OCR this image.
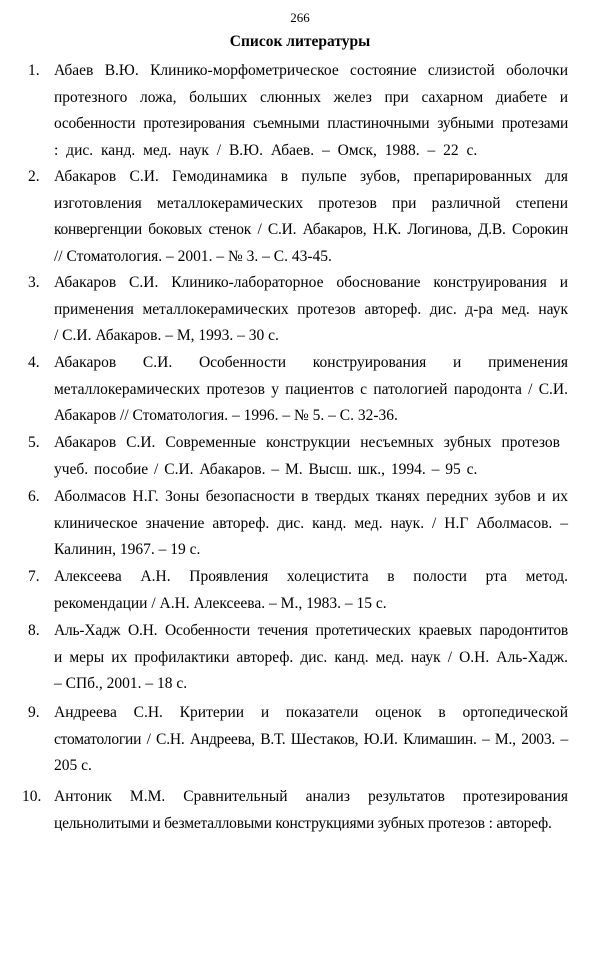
266
Список литературы
1. Абаев В.Ю. Клинико-морфометрическое состояние слизистой оболочки
протезного ложа, больших слюнных желез при сахарном диабете и
особенности протезирования съемными пластиночными зубными протезами
: дис. канд. мед. наук / В.Ю. Абаев. – Омск, 1988. – 22 с.
2. Абакаров С.И. Гемодинамика в пульпе зубов, препарированных для
изготовления металлокерамических протезов при различной степени
конвергенции боковых стенок / С.И. Абакаров, Н.К. Логинова, Д.В. Сорокин
// Стоматология. – 2001. – № 3. – С. 43-45.
3. Абакаров С.И. Клинико-лабораторное обоснование конструирования и
применения металлокерамических протезов автореф. дис. д-ра мед. наук
/ С.И. Абакаров. – М, 1993. – 30 с.
4. Абакаров С.И. Особенности конструирования и применения
металлокерамических протезов у пациентов с патологией пародонта / С.И.
Абакаров // Стоматология. – 1996. – № 5. – С. 32-36.
5. Абакаров С.И. Современные конструкции несъемных зубных протезов
учеб. пособие / С.И. Абакаров. – М. Высш. шк., 1994. – 95 с.
6. Аболмасов Н.Г. Зоны безопасности в твердых тканях передних зубов и их
клиническое значение автореф. дис. канд. мед. наук. / Н.Г Аболмасов. –
Калинин, 1967. – 19 с.
7. Алексеева А.Н. Проявления холецистита в полости рта метод.
рекомендации / А.Н. Алексеева. – М., 1983. – 15 с.
8. Аль-Хадж О.Н. Особенности течения протетических краевых пародонтитов
и меры их профилактики автореф. дис. канд. мед. наук / О.Н. Аль-Хадж.
– СПб., 2001. – 18 с.
9. Андреева С.Н. Критерии и показатели оценок в ортопедической
стоматологии / С.Н. Андреева, В.Т. Шестаков, Ю.И. Климашин. – М., 2003. –
205 с.
10. Антоник М.М. Сравнительный анализ результатов протезирования
цельнолитыми и безметалловыми конструкциями зубных протезов : автореф.
